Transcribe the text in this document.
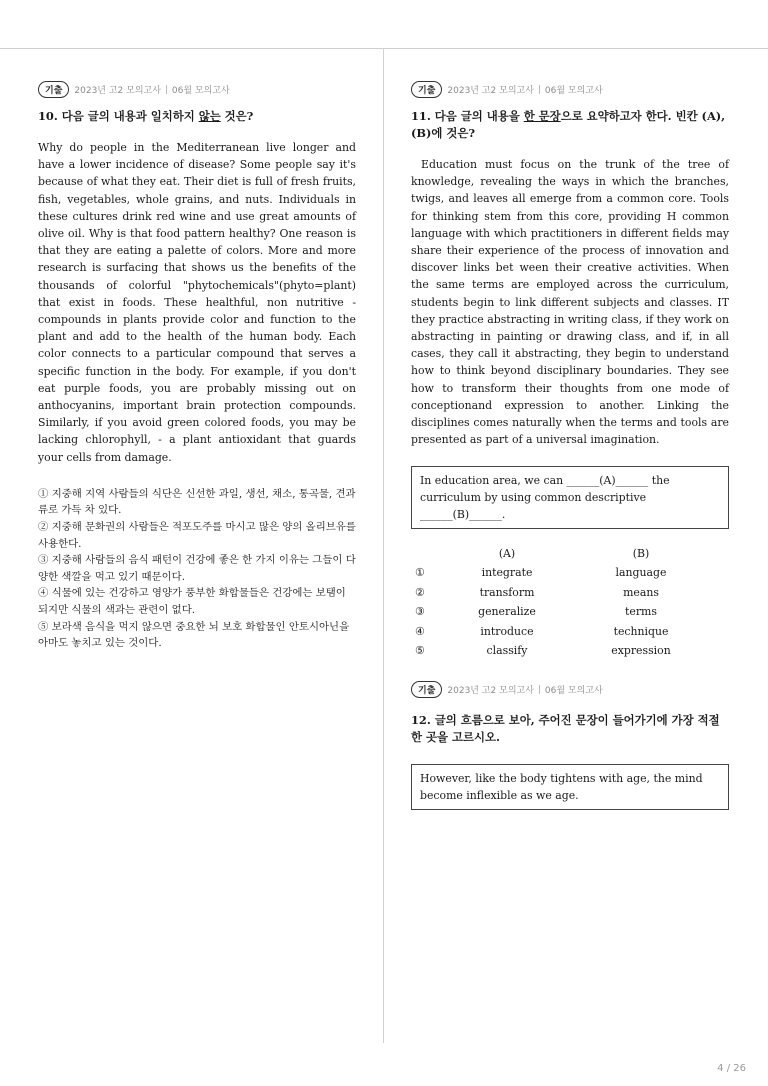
기출	2023년 고2 모의고사 06월 모의고사
10. 다음 글의 내용과 일치하지 않는 것은?
Why do people in the Mediterranean live longer and have a lower incidence of disease? Some people say it's because of what they eat. Their diet is full of fresh fruits, fish, vegetables, whole grains, and nuts. Individuals in these cultures drink red wine and use great amounts of olive oil. Why is that food pattern healthy? One reason is that they are eating a palette of colors. More and more research is surfacing that shows us the benefits of the thousands of colorful "phytochemicals"(phyto=plant) that exist in foods. These healthful, non nutritive - compounds in plants provide color and function to the plant and add to the health of the human body. Each color connects to a particular compound that serves a specific function in the body. For example, if you don't eat purple foods, you are probably missing out on anthocyanins, important brain protection compounds. Similarly, if you avoid green colored foods, you may be lacking chlorophyll, - a plant antioxidant that guards your cells from damage.

① 지중해 지역 사람들의 식단은 신선한 과일, 생선, 채소, 통곡물, 견과류로 가득 차 있다.

② 지중해 문화권의 사람들은 적포도주를 마시고 많은 양의 올리브유를 사용한다.

③ 지중해 사람들의 음식 패턴이 건강에 좋은 한 가지 이유는 그들이 다양한 색깔을 먹고 있기 때문이다.

④ 식물에 있는 건강하고 영양가 풍부한 화합물들은 건강에는 보탬이 되지만 식물의 색과는 관련이 없다.

⑤ 보라색 음식을 먹지 않으면 중요한 뇌 보호 화합물인 안토시아닌을 아마도 놓치고 있는 것이다.

기출	2023년 고2 모의고사 06월 모의고사
11. 다음 글의 내용을 한 문장으로 요약하고자 한다. 빈칸 (A), (B)에 것은?
Education must focus on the trunk of the tree of knowledge, revealing the ways in which the branches, twigs, and leaves all emerge from a common core. Tools for thinking stem from this core, providing H common language with which practitioners in different fields may share their experience of the process of innovation and discover links bet ween their creative activities. When the same terms are employed across the curriculum, students begin to link different subjects and classes. IT they practice abstracting in writing class, if they work on abstracting in painting or drawing class, and if, in all cases, they call it abstracting, they begin to understand how to think beyond disciplinary boundaries. They see how to transform their thoughts from one mode of conceptionand expression to another. Linking the disciplines comes naturally when the terms and tools are presented as part of a universal imagination.
In education area, we can ______(A)______ the curriculum by using common descriptive ______(B)______.
	(A)	(B)
①	integrate	language
②	transform	means
③	generalize	terms
④	introduce	technique
⑤	classify	expression
기출	2023년 고2 모의고사 06월 모의고사
12. 글의 흐름으로 보아, 주어진 문장이 들어가기에 가장 적절한 곳을 고르시오.
However, like the body tightens with age, the mind become inflexible as we age.
4 / 26
